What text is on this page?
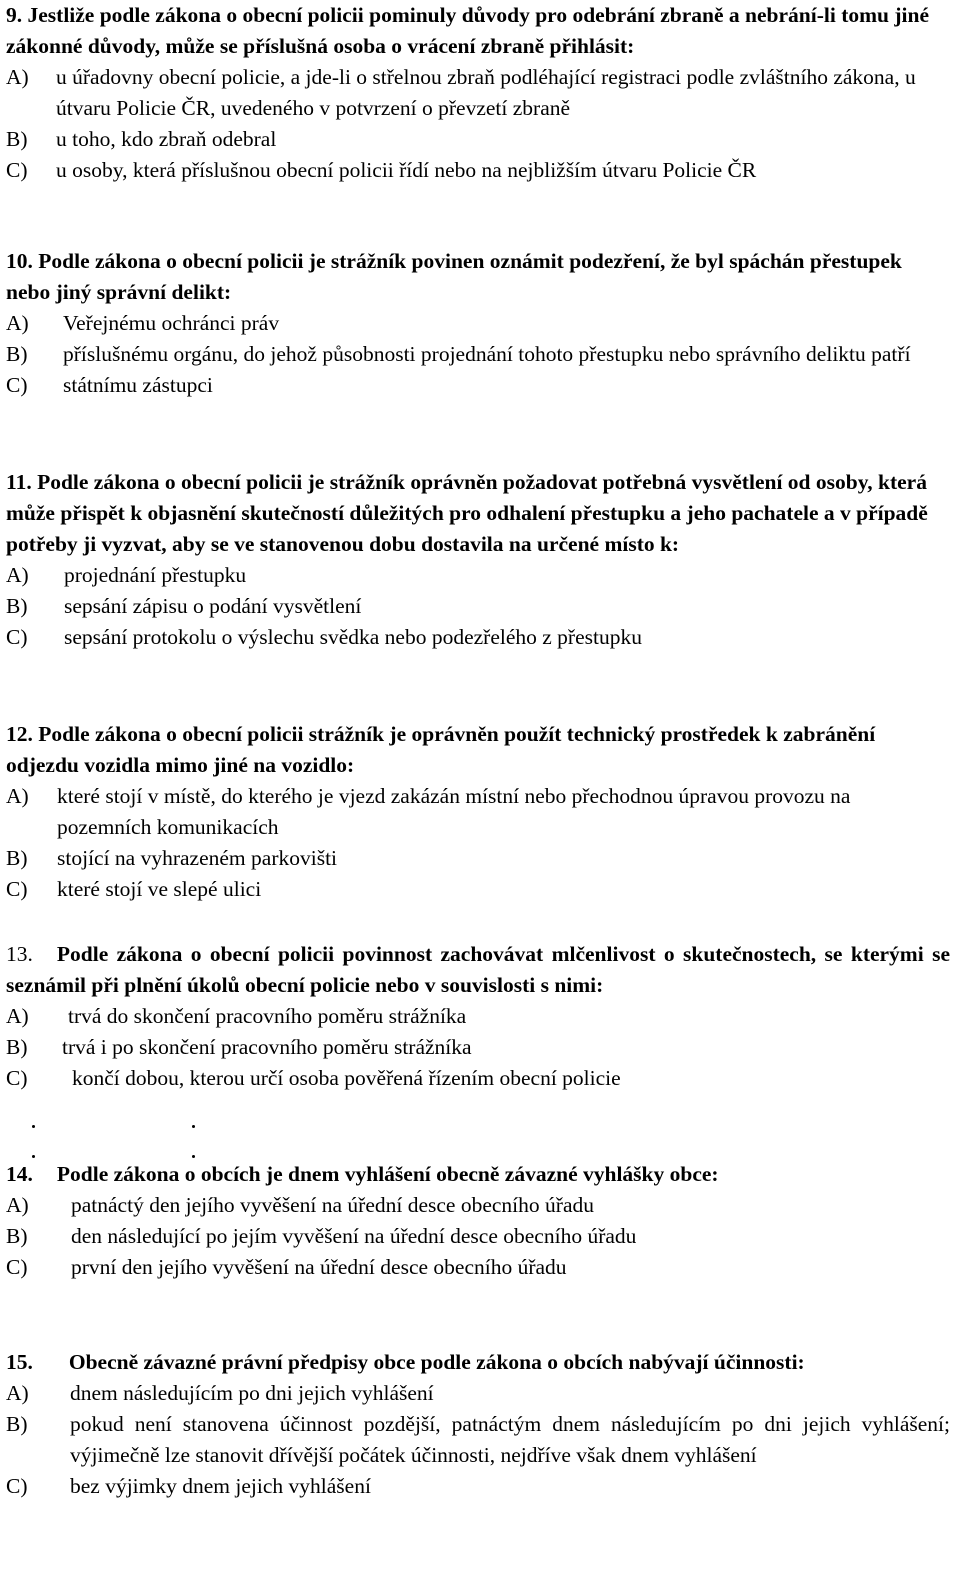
9. Jestliže podle zákona o obecní policii pominuly důvody pro odebrání zbraně a nebrání-li tomu jiné zákonné důvody, může se příslušná osoba o vrácení zbraně přihlásit:

A)	u úřadovny obecní policie, a jde-li o střelnou zbraň podléhající registraci podle zvláštního zákona, u útvaru Policie ČR, uvedeného v potvrzení o převzetí zbraně
B)	u toho, kdo zbraň odebral
C)	u osoby, která příslušnou obecní policii řídí nebo na nejbližším útvaru Policie ČR

10. Podle zákona o obecní policii je strážník povinen oznámit podezření, že byl spáchán přestupek nebo jiný správní delikt:

A)	Veřejnému ochránci práv
B)	příslušnému orgánu, do jehož působnosti projednání tohoto přestupku nebo správního deliktu patří
C)	státnímu zástupci

11. Podle zákona o obecní policii je strážník oprávněn požadovat potřebná vysvětlení od osoby, která může přispět k objasnění skutečností důležitých pro odhalení přestupku a jeho pachatele a v případě potřeby ji vyzvat, aby se ve stanovenou dobu dostavila na určené místo k:

A)	projednání přestupku
B)	sepsání zápisu o podání vysvětlení
C)	sepsání protokolu o výslechu svědka nebo podezřelého z přestupku

12. Podle zákona o obecní policii strážník je oprávněn použít technický prostředek k zabránění odjezdu vozidla mimo jiné na vozidlo:

A)	které stojí v místě, do kterého je vjezd zakázán místní nebo přechodnou úpravou provozu na pozemních komunikacích
B)	stojící na vyhrazeném parkovišti
C)	které stojí ve slepé ulici

13. Podle zákona o obecní policii povinnost zachovávat mlčenlivost o skutečnostech, se kterými se seznámil při plnění úkolů obecní policie nebo v souvislosti s nimi:

A)	trvá do skončení pracovního poměru strážníka
B)	trvá i po skončení pracovního poměru strážníka
C)	končí dobou, kterou určí osoba pověřená řízením obecní policie

14. Podle zákona o obcích je dnem vyhlášení obecně závazné vyhlášky obce:

A)	patnáctý den jejího vyvěšení na úřední desce obecního úřadu
B)	den následující po jejím vyvěšení na úřední desce obecního úřadu
C)	první den jejího vyvěšení na úřední desce obecního úřadu

15. Obecně závazné právní předpisy obce podle zákona o obcích nabývají účinnosti:

A)	dnem následujícím po dni jejich vyhlášení
B)	pokud není stanovena účinnost pozdější, patnáctým dnem následujícím po dni jejich vyhlášení; výjimečně lze stanovit dřívější počátek účinnosti, nejdříve však dnem vyhlášení
C)	bez výjimky dnem jejich vyhlášení
